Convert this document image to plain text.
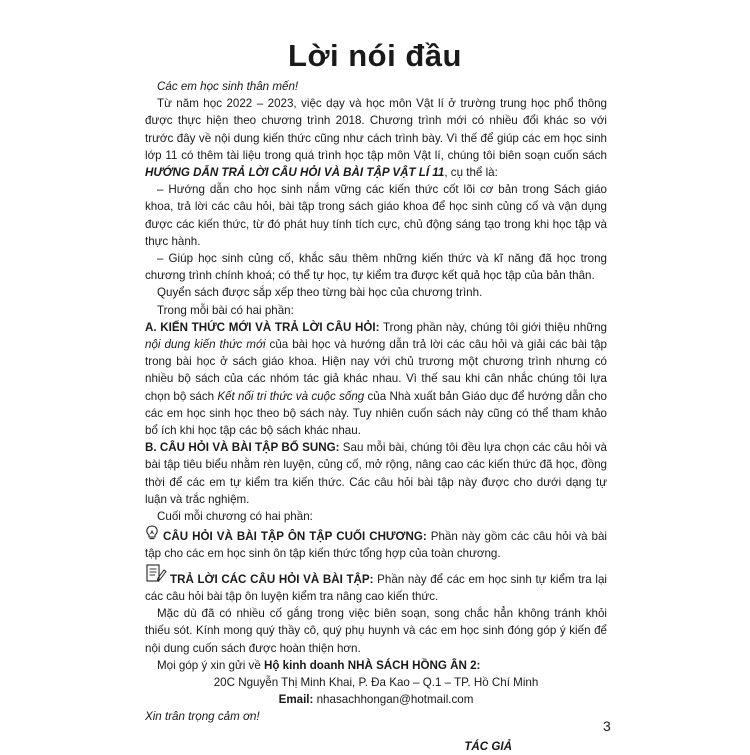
Lời nói đầu

Các em học sinh thân mến!

Từ năm học 2022 – 2023, việc dạy và học môn Vật lí ở trường trung học phổ thông được thực hiện theo chương trình 2018. Chương trình mới có nhiều đổi khác so với trước đây về nội dung kiến thức cũng như cách trình bày. Vì thế để giúp các em học sinh lớp 11 có thêm tài liệu trong quá trình học tập môn Vật lí, chúng tôi biên soạn cuốn sách HƯỚNG DẪN TRẢ LỜI CÂU HỎI VÀ BÀI TẬP VẬT LÍ 11, cụ thể là:

– Hướng dẫn cho học sinh nắm vững các kiến thức cốt lõi cơ bản trong Sách giáo khoa, trả lời các câu hỏi, bài tập trong sách giáo khoa để học sinh củng cố và vận dụng được các kiến thức, từ đó phát huy tính tích cực, chủ động sáng tạo trong khi học tập và thực hành.

– Giúp học sinh củng cố, khắc sâu thêm những kiến thức và kĩ năng đã học trong chương trình chính khoá; có thể tự học, tự kiểm tra được kết quả học tập của bản thân.

Quyển sách được sắp xếp theo từng bài học của chương trình.

Trong mỗi bài có hai phần:

A. KIẾN THỨC MỚI VÀ TRẢ LỜI CÂU HỎI: Trong phần này, chúng tôi giới thiệu những nội dung kiến thức mới của bài học và hướng dẫn trả lời các câu hỏi và giải các bài tập trong bài học ở sách giáo khoa. Hiện nay với chủ trương một chương trình nhưng có nhiều bộ sách của các nhóm tác giả khác nhau. Vì thế sau khi cân nhắc chúng tôi lựa chọn bộ sách Kết nối tri thức và cuộc sống của Nhà xuất bản Giáo dục để hướng dẫn cho các em học sinh học theo bộ sách này. Tuy nhiên cuốn sách này cũng có thể tham khảo bổ ích khi học tập các bộ sách khác nhau.

B. CÂU HỎI VÀ BÀI TẬP BỔ SUNG: Sau mỗi bài, chúng tôi đều lựa chọn các câu hỏi và bài tập tiêu biểu nhằm rèn luyện, củng cố, mở rộng, nâng cao các kiến thức đã học, đồng thời để các em tự kiểm tra kiến thức. Các câu hỏi bài tập này được cho dưới dạng tự luận và trắc nghiệm.

Cuối mỗi chương có hai phần:

CÂU HỎI VÀ BÀI TẬP ÔN TẬP CUỐI CHƯƠNG: Phần này gồm các câu hỏi và bài tập cho các em học sinh ôn tập kiến thức tổng hợp của toàn chương.

TRẢ LỜI CÁC CÂU HỎI VÀ BÀI TẬP: Phần này để các em học sinh tự kiểm tra lại các câu hỏi bài tập ôn luyện kiểm tra nâng cao kiến thức.

Mặc dù đã có nhiều cố gắng trong việc biên soạn, song chắc hẳn không tránh khỏi thiếu sót. Kính mong quý thầy cô, quý phụ huynh và các em học sinh đóng góp ý kiến để nội dung cuốn sách được hoàn thiện hơn.

Mọi góp ý xin gửi về Hộ kinh doanh NHÀ SÁCH HỒNG ÂN 2:

20C Nguyễn Thị Minh Khai, P. Đa Kao – Q.1 – TP. Hồ Chí Minh

Email: nhasachhongan@hotmail.com

Xin trân trọng cảm ơn!

TÁC GIẢ

3
